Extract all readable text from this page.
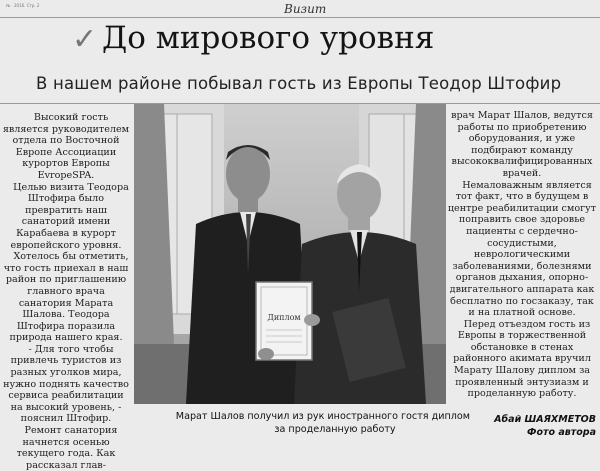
№ . 2016. Стр. 2	Визит
✓ До мирового уровня
В нашем районе побывал гость из Европы Теодор Штофир

Высокий гость является руководителем отдела по Восточной Европе Ассоциации курортов Европы EvropeSPA.

Целью визита Теодора Штофира было превратить наш санаторий имени Карабаева в курорт европейского уровня.

Хотелось бы отметить, что гость приехал в наш район по приглашению главного врача санатория Марата Шалова. Теодора Штофира поразила природа нашего края.

- Для того чтобы привлечь туристов из разных уголков мира, нужно поднять качество сервиса реабилитации на высокий уровень, - пояснил Штофир.

Ремонт санатория начнется осенью текущего года. Как рассказал глав-

Диплом

врач Марат Шалов, ведутся работы по приобретению оборудования, и уже подбирают команду высококвалифицированных врачей.

Немаловажным является тот факт, что в будущем в центре реабилитации смогут поправить свое здоровье пациенты с сердечно-сосудистыми, неврологическими заболеваниями, болезнями органов дыхания, опорно-двигательного аппарата как бесплатно по госзаказу, так и на платной основе.

Перед отъездом гость из Европы в торжественной обстановке в стенах районного акимата вручил Марату Шалову диплом за проявленный энтузиазм и проделанную работу.

Марат Шалов получил из рук иностранного гостя диплом
за проделанную работу
Абай ШАЯХМЕТОВ
Фото автора
